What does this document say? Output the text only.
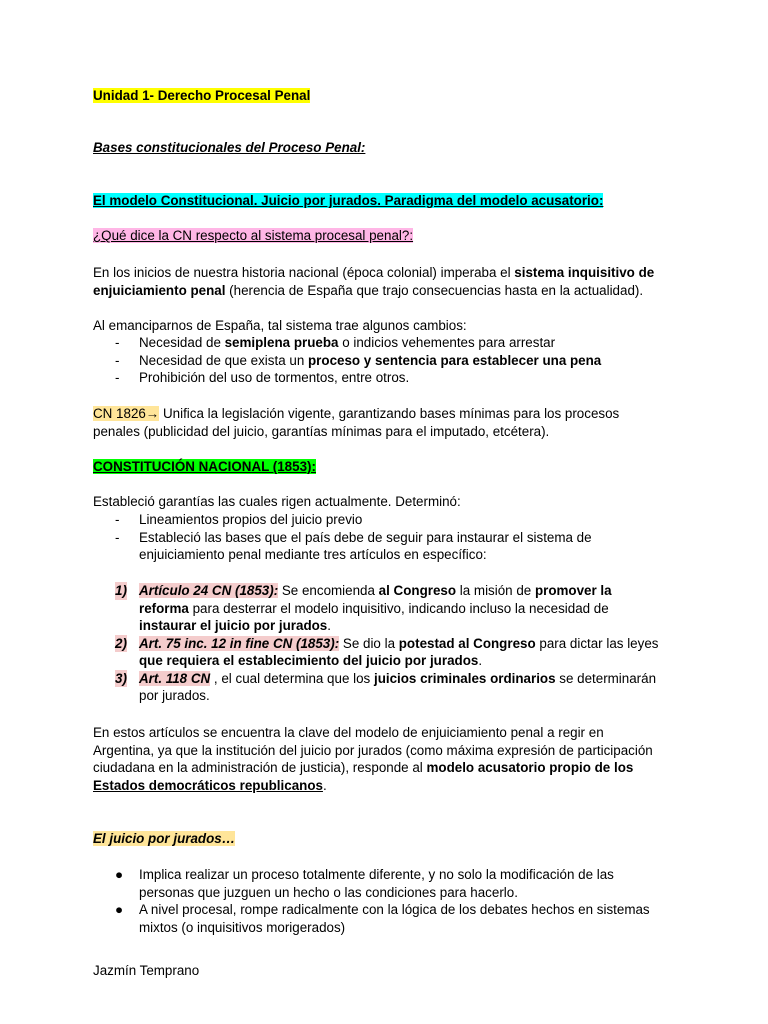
Unidad 1- Derecho Procesal Penal

Bases constitucionales del Proceso Penal:

El modelo Constitucional. Juicio por jurados. Paradigma del modelo acusatorio:

¿Qué dice la CN respecto al sistema procesal penal?:

En los inicios de nuestra historia nacional (época colonial) imperaba el sistema inquisitivo de enjuiciamiento penal (herencia de España que trajo consecuencias hasta en la actualidad).

Al emanciparnos de España, tal sistema trae algunos cambios:

- Necesidad de semiplena prueba o indicios vehementes para arrestar
- Necesidad de que exista un proceso y sentencia para establecer una pena
- Prohibición del uso de tormentos, entre otros.

CN 1826→ Unifica la legislación vigente, garantizando bases mínimas para los procesos penales (publicidad del juicio, garantías mínimas para el imputado, etcétera).

CONSTITUCIÓN NACIONAL (1853):

Estableció garantías las cuales rigen actualmente. Determinó:

- Lineamientos propios del juicio previo
- Estableció las bases que el país debe de seguir para instaurar el sistema de enjuiciamiento penal mediante tres artículos en específico:
1) Artículo 24 CN (1853): Se encomienda al Congreso la misión de promover la reforma para desterrar el modelo inquisitivo, indicando incluso la necesidad de instaurar el juicio por jurados.
2) Art. 75 inc. 12 in fine CN (1853): Se dio la potestad al Congreso para dictar las leyes que requiera el establecimiento del juicio por jurados.
3) Art. 118 CN , el cual determina que los juicios criminales ordinarios se determinarán por jurados.

En estos artículos se encuentra la clave del modelo de enjuiciamiento penal a regir en Argentina, ya que la institución del juicio por jurados (como máxima expresión de participación ciudadana en la administración de justicia), responde al modelo acusatorio propio de los Estados democráticos republicanos.

El juicio por jurados…

● Implica realizar un proceso totalmente diferente, y no solo la modificación de las personas que juzguen un hecho o las condiciones para hacerlo.
● A nivel procesal, rompe radicalmente con la lógica de los debates hechos en sistemas mixtos (o inquisitivos morigerados)

Jazmín Temprano
